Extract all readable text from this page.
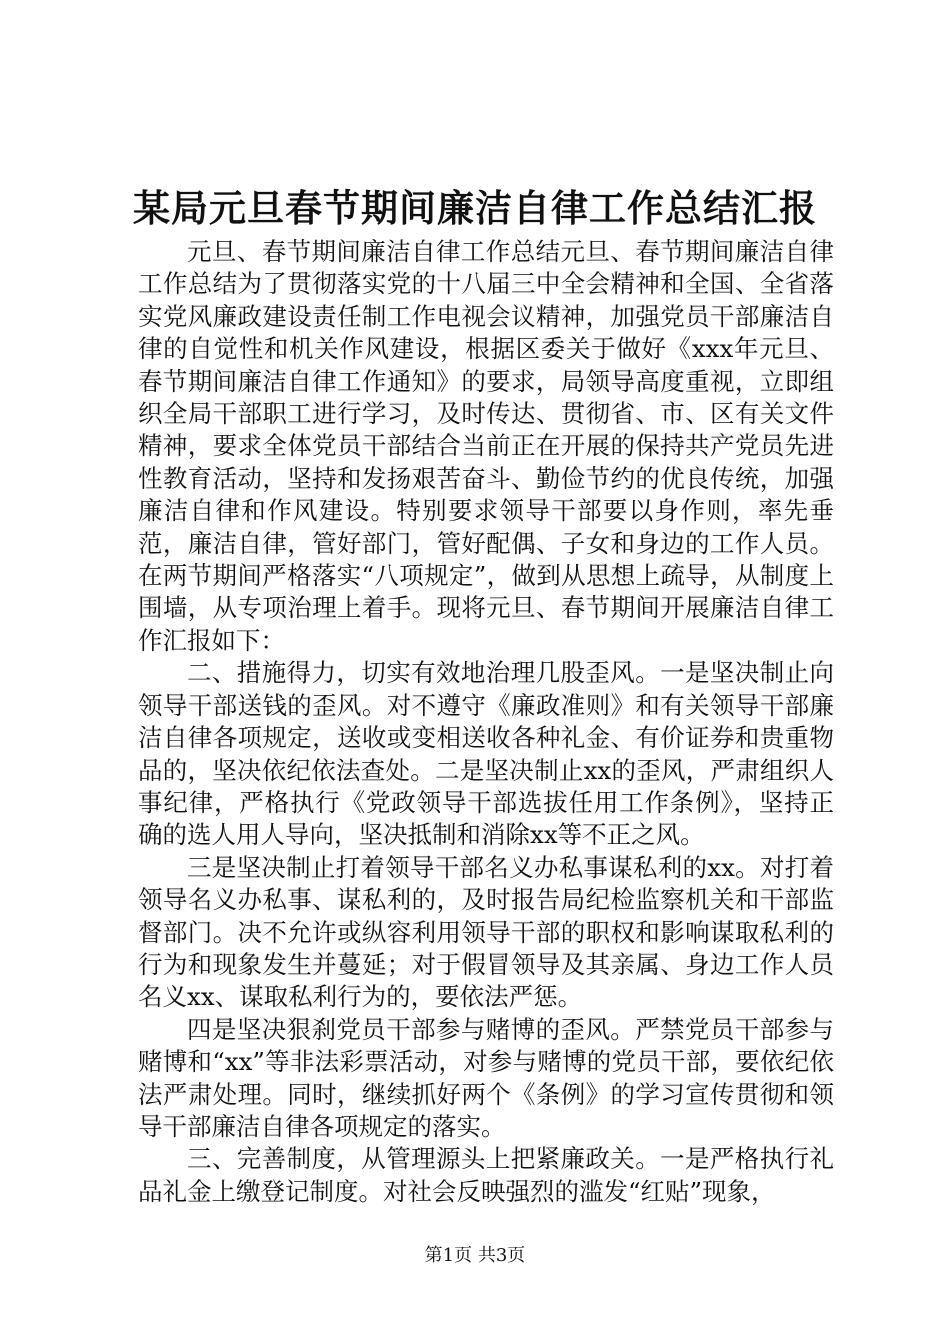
某局元旦春节期间廉洁自律工作总结汇报

元旦、春节期间廉洁自律工作总结元旦、春节期间廉洁自律工作总结为了贯彻落实党的十八届三中全会精神和全国、全省落实党风廉政建设责任制工作电视会议精神，加强党员干部廉洁自律的自觉性和机关作风建设，根据区委关于做好《xxx年元旦、春节期间廉洁自律工作通知》的要求，局领导高度重视，立即组织全局干部职工进行学习，及时传达、贯彻省、市、区有关文件精神，要求全体党员干部结合当前正在开展的保持共产党员先进性教育活动，坚持和发扬艰苦奋斗、勤俭节约的优良传统，加强廉洁自律和作风建设。特别要求领导干部要以身作则，率先垂范，廉洁自律，管好部门，管好配偶、子女和身边的工作人员。在两节期间严格落实“八项规定”，做到从思想上疏导，从制度上围墙，从专项治理上着手。现将元旦、春节期间开展廉洁自律工作汇报如下：

二、措施得力，切实有效地治理几股歪风。一是坚决制止向领导干部送钱的歪风。对不遵守《廉政准则》和有关领导干部廉洁自律各项规定，送收或变相送收各种礼金、有价证券和贵重物品的，坚决依纪依法查处。二是坚决制止xx的歪风，严肃组织人事纪律，严格执行《党政领导干部选拔任用工作条例》，坚持正确的选人用人导向，坚决抵制和消除xx等不正之风。

三是坚决制止打着领导干部名义办私事谋私利的xx。对打着领导名义办私事、谋私利的，及时报告局纪检监察机关和干部监督部门。决不允许或纵容利用领导干部的职权和影响谋取私利的行为和现象发生并蔓延；对于假冒领导及其亲属、身边工作人员名义xx、谋取私利行为的，要依法严惩。

四是坚决狠刹党员干部参与赌博的歪风。严禁党员干部参与赌博和“xx”等非法彩票活动，对参与赌博的党员干部，要依纪依法严肃处理。同时，继续抓好两个《条例》的学习宣传贯彻和领导干部廉洁自律各项规定的落实。

三、完善制度，从管理源头上把紧廉政关。一是严格执行礼品礼金上缴登记制度。对社会反映强烈的滥发“红贴”现象，

第1页 共3页
